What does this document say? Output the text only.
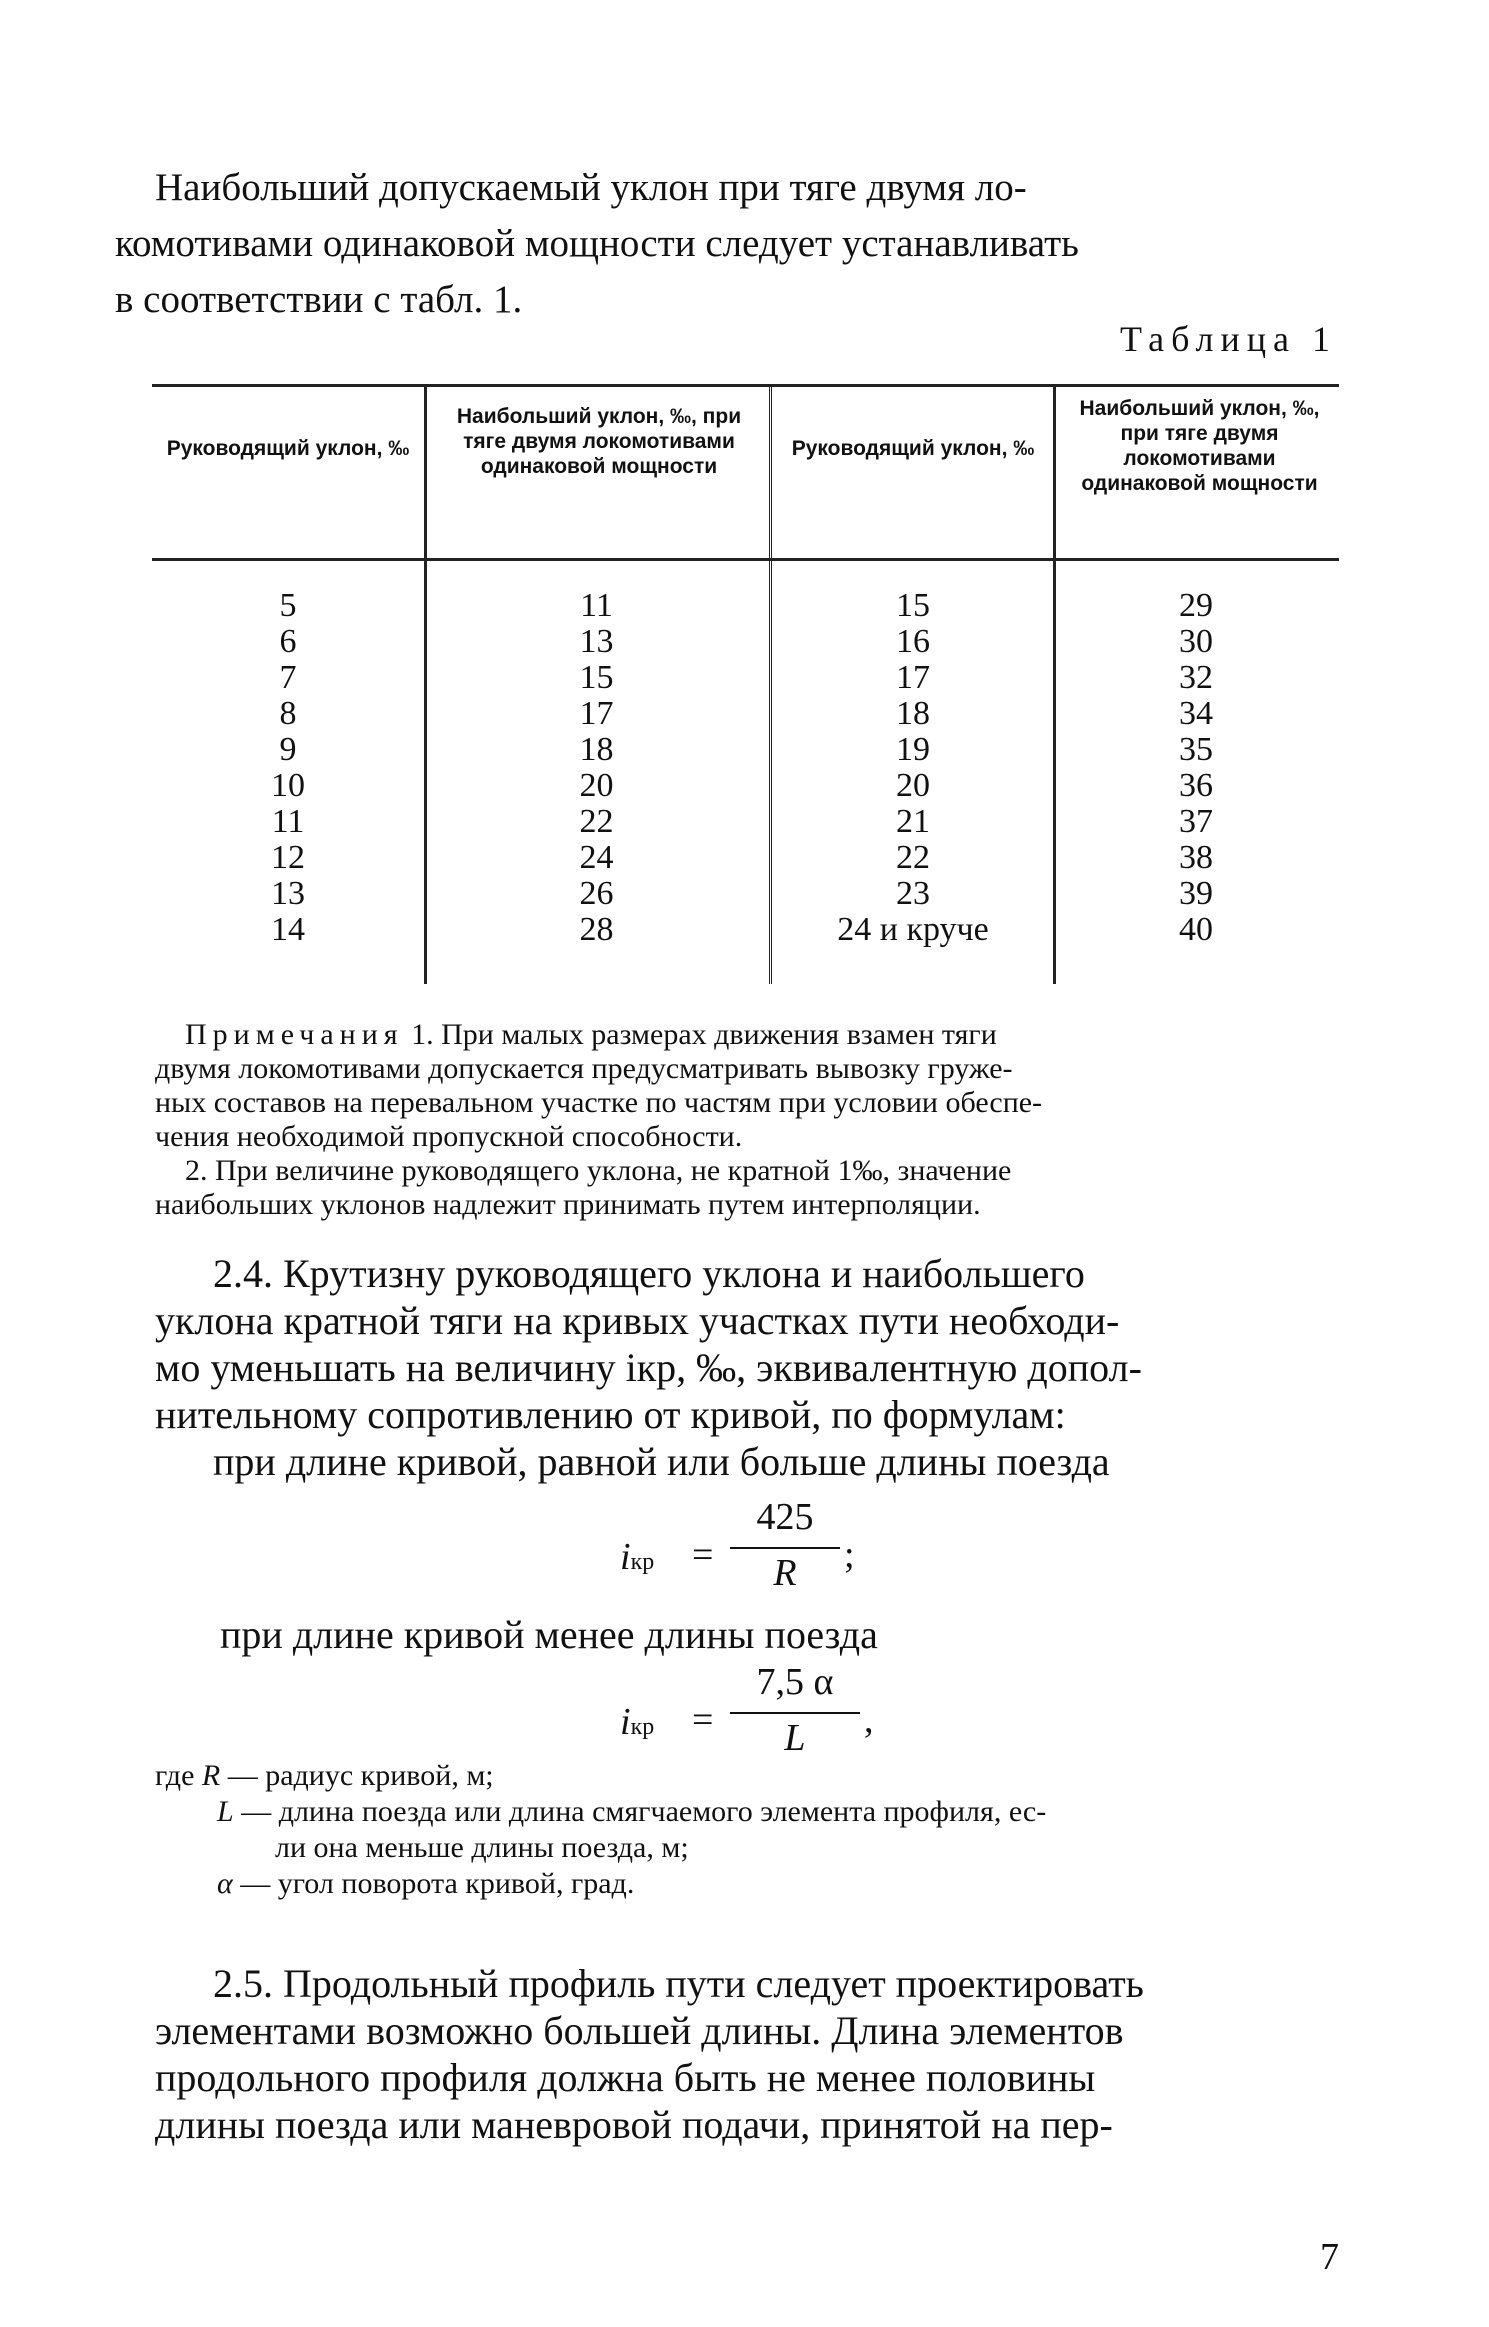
Наибольший допускаемый уклон при тяге двумя ло-
комотивами одинаковой мощности следует устанавливать
в соответствии с табл. 1.

Таблица 1
Руководящий уклон, ‰
Наибольший уклон, ‰, при тяге двумя локомотивами одинаковой мощности
Руководящий уклон, ‰
Наибольший уклон, ‰, при тяге двумя локомотивами одинаковой мощности
5
6
7
8
9
10
11
12
13
14
11
13
15
17
18
20
22
24
26
28
15
16
17
18
19
20
21
22
23
24 и круче
29
30
32
34
35
36
37
38
39
40
Примечания 1. При малых размерах движения взамен тяги
двумя локомотивами допускается предусматривать вывозку груже-
ных составов на перевальном участке по частям при условии обеспе-
чения необходимой пропускной способности.
2. При величине руководящего уклона, не кратной 1‰, значение
наибольших уклонов надлежит принимать путем интерполяции.

2.4. Крутизну руководящего уклона и наибольшего
уклона кратной тяги на кривых участках пути необходи-
мо уменьшать на величину iкр, ‰, эквивалентную допол-
нительному сопротивлению от кривой, по формулам:
при длине кривой, равной или больше длины поезда

iкр =
425
R	;
при длине кривой менее длины поезда
iкр =
7,5 α
L	,
где R — радиус кривой, м;
L — длина поезда или длина смягчаемого элемента профиля, ес-
ли она меньше длины поезда, м;
α — угол поворота кривой, град.

2.5. Продольный профиль пути следует проектировать
элементами возможно большей длины. Длина элементов
продольного профиля должна быть не менее половины
длины поезда или маневровой подачи, принятой на пер-

7
